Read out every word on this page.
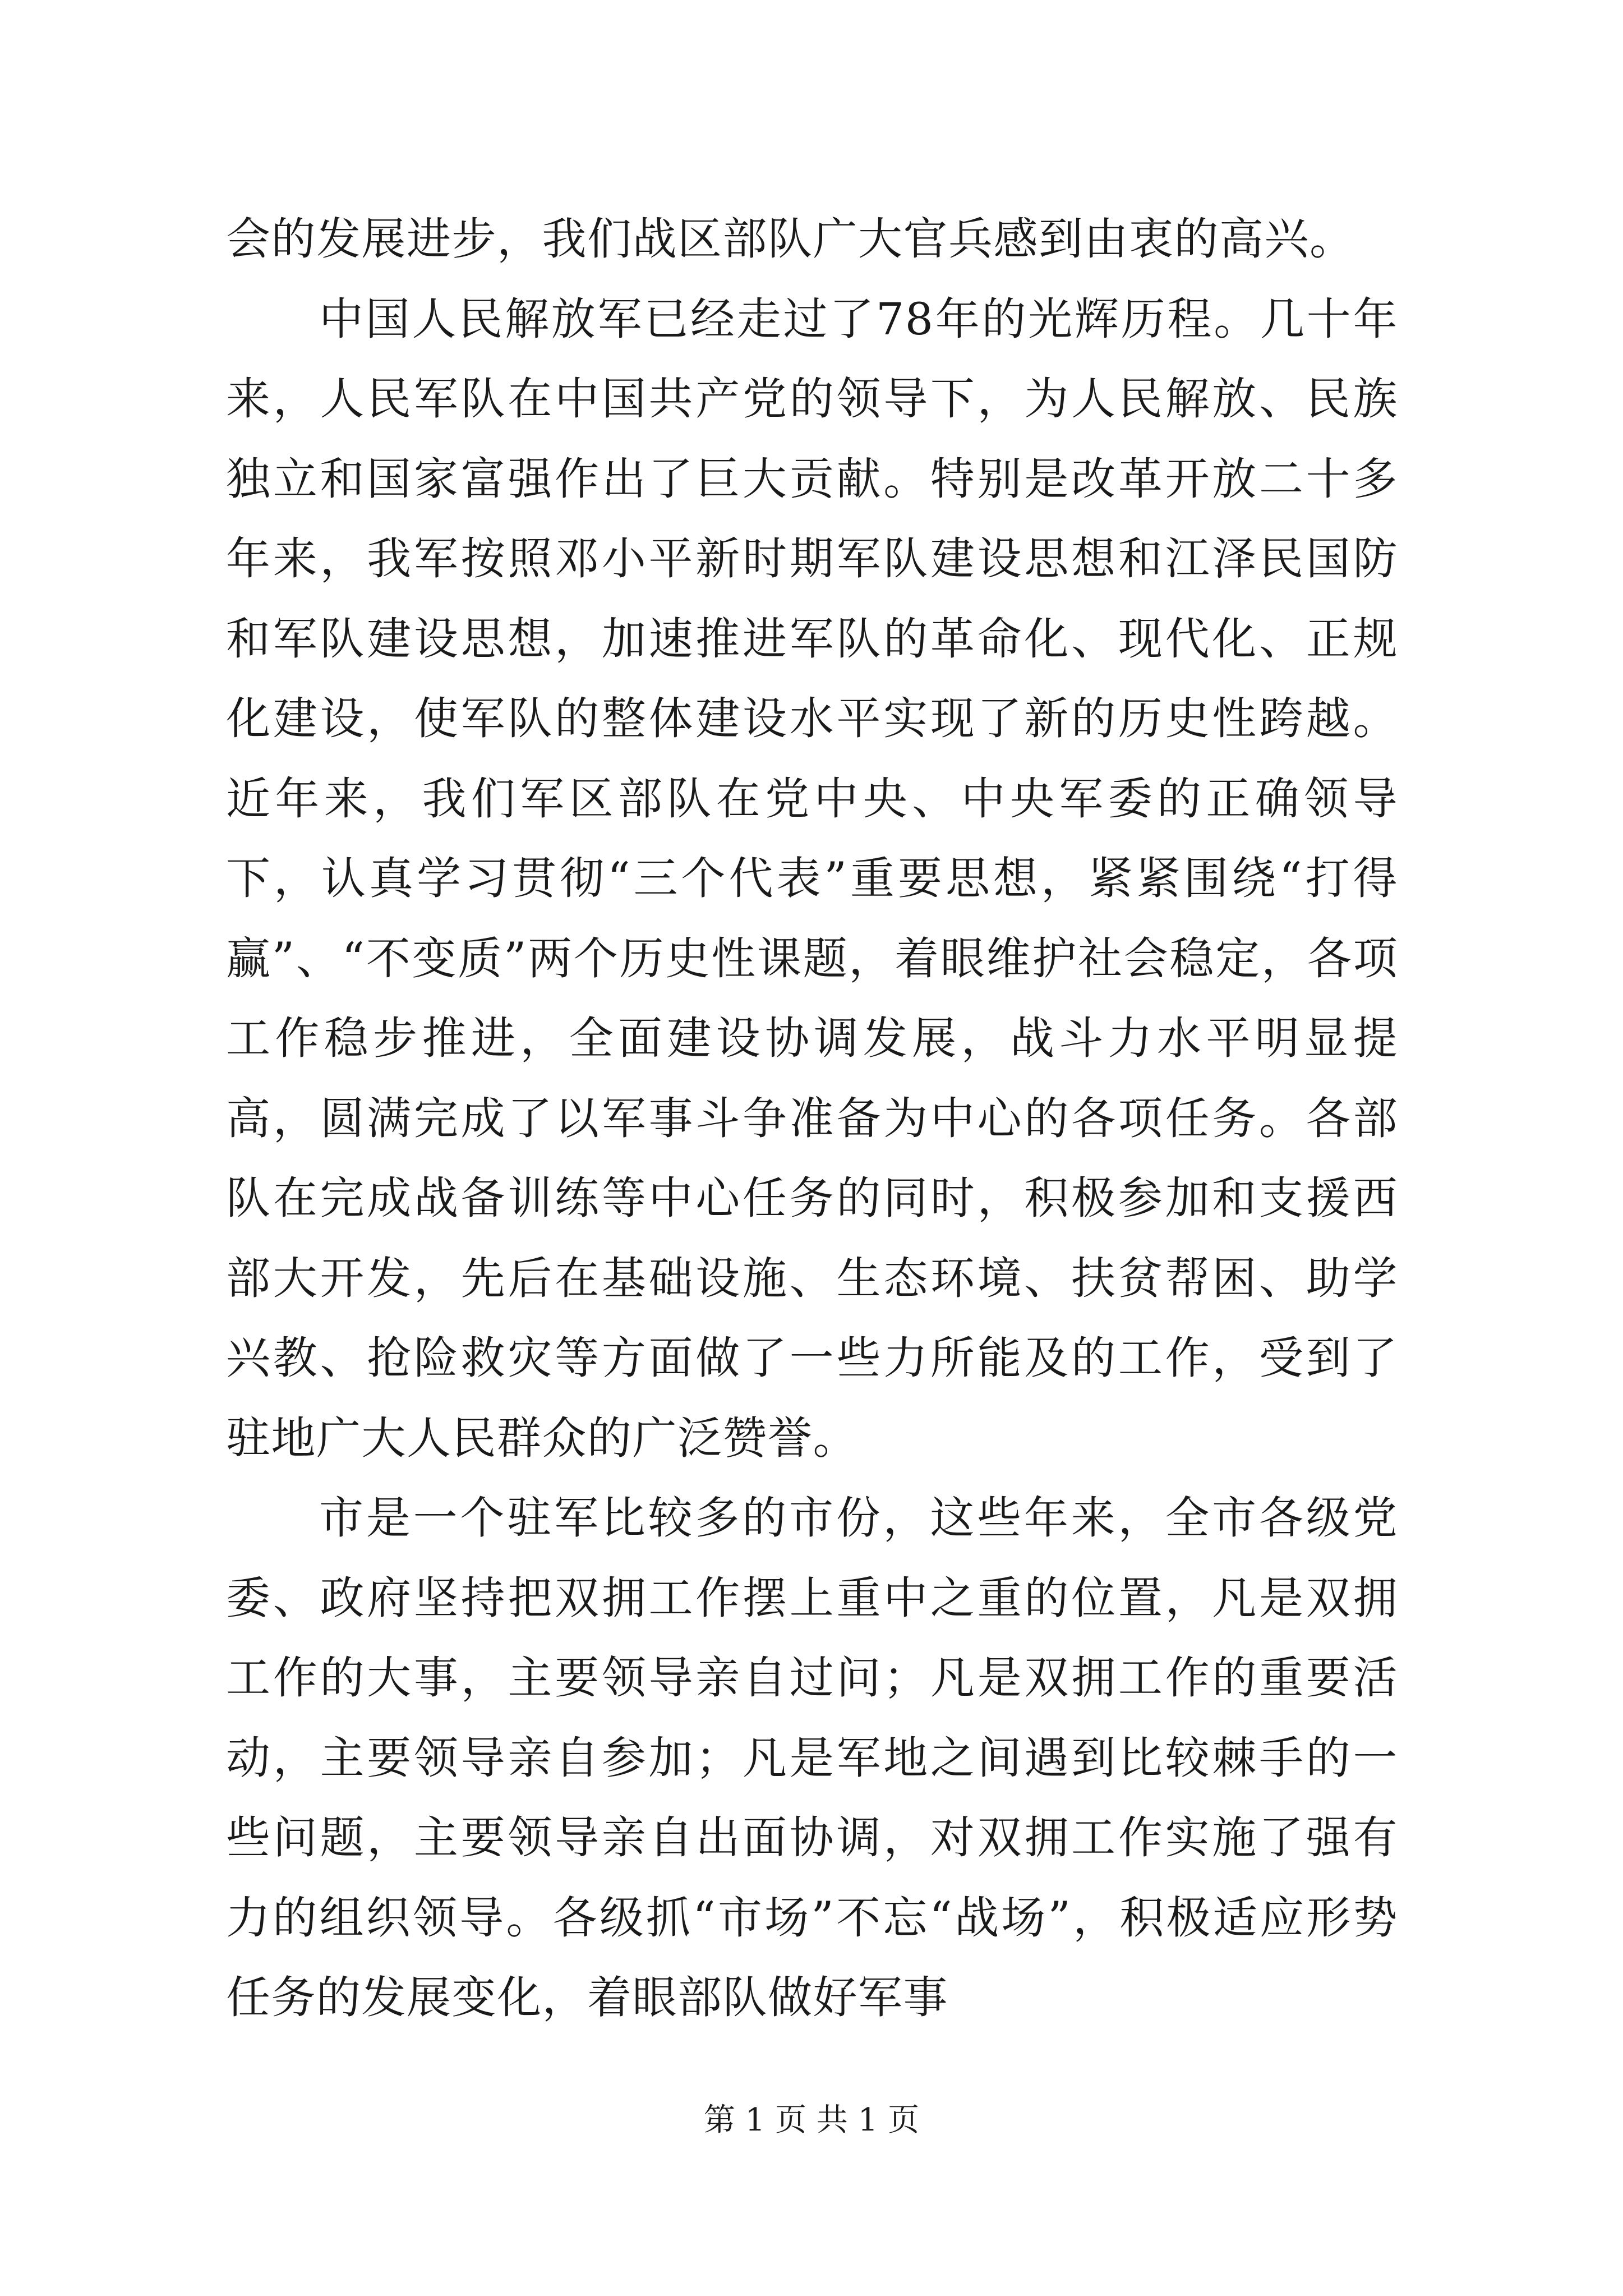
会的发展进步，我们战区部队广大官兵感到由衷的高兴。

中国人民解放军已经走过了78年的光辉历程。几十年来，人民军队在中国共产党的领导下，为人民解放、民族独立和国家富强作出了巨大贡献。特别是改革开放二十多年来，我军按照邓小平新时期军队建设思想和江泽民国防和军队建设思想，加速推进军队的革命化、现代化、正规化建设，使军队的整体建设水平实现了新的历史性跨越。近年来，我们军区部队在党中央、中央军委的正确领导下，认真学习贯彻“三个代表”重要思想，紧紧围绕“打得赢”、“不变质”两个历史性课题，着眼维护社会稳定，各项工作稳步推进，全面建设协调发展，战斗力水平明显提高，圆满完成了以军事斗争准备为中心的各项任务。各部队在完成战备训练等中心任务的同时，积极参加和支援西部大开发，先后在基础设施、生态环境、扶贫帮困、助学兴教、抢险救灾等方面做了一些力所能及的工作，受到了驻地广大人民群众的广泛赞誉。

市是一个驻军比较多的市份，这些年来，全市各级党委、政府坚持把双拥工作摆上重中之重的位置，凡是双拥工作的大事，主要领导亲自过问；凡是双拥工作的重要活动，主要领导亲自参加；凡是军地之间遇到比较棘手的一些问题，主要领导亲自出面协调，对双拥工作实施了强有力的组织领导。各级抓“市场”不忘“战场”，积极适应形势任务的发展变化，着眼部队做好军事

第 1 页 共 1 页
